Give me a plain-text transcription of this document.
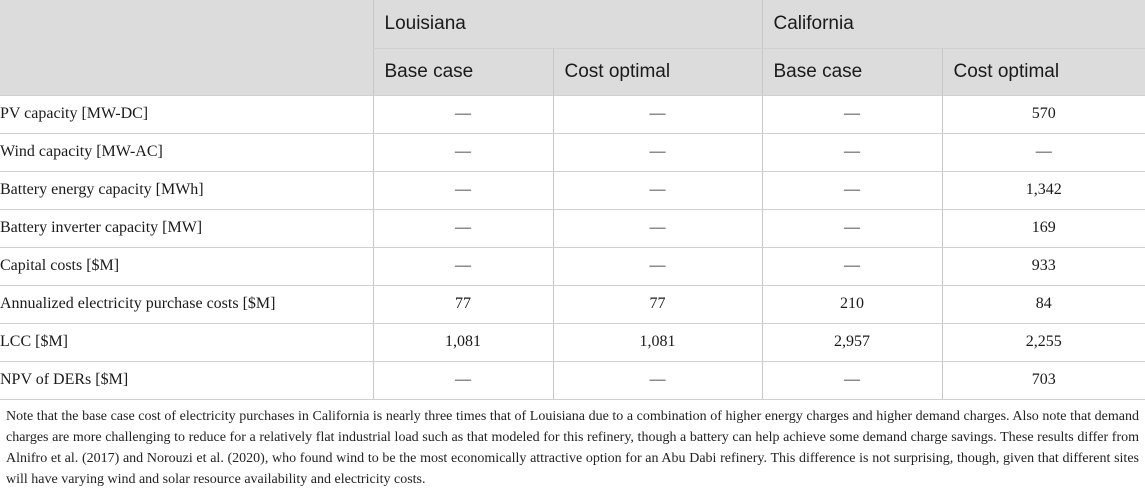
	Louisiana		California	

	Base case	Cost optimal	Base case	Cost optimal

PV capacity [MW-DC]	—	—	—	570
Wind capacity [MW-AC]	—	—	—	—
Battery energy capacity [MWh]	—	—	—	1,342
Battery inverter capacity [MW]	—	—	—	169
Capital costs [$M]	—	—	—	933
Annualized electricity purchase costs [$M]	77	77	210	84
LCC [$M]	1,081	1,081	2,957	2,255
NPV of DERs [$M]	—	—	—	703
Note that the base case cost of electricity purchases in California is nearly three times that of Louisiana due to a combination of higher energy charges and higher demand charges. Also note that demand charges are more challenging to reduce for a relatively flat industrial load such as that modeled for this refinery, though a battery can help achieve some demand charge savings. These results differ from Alnifro et al. (2017) and Norouzi et al. (2020), who found wind to be the most economically attractive option for an Abu Dabi refinery. This difference is not surprising, though, given that different sites will have varying wind and solar resource availability and electricity costs.
